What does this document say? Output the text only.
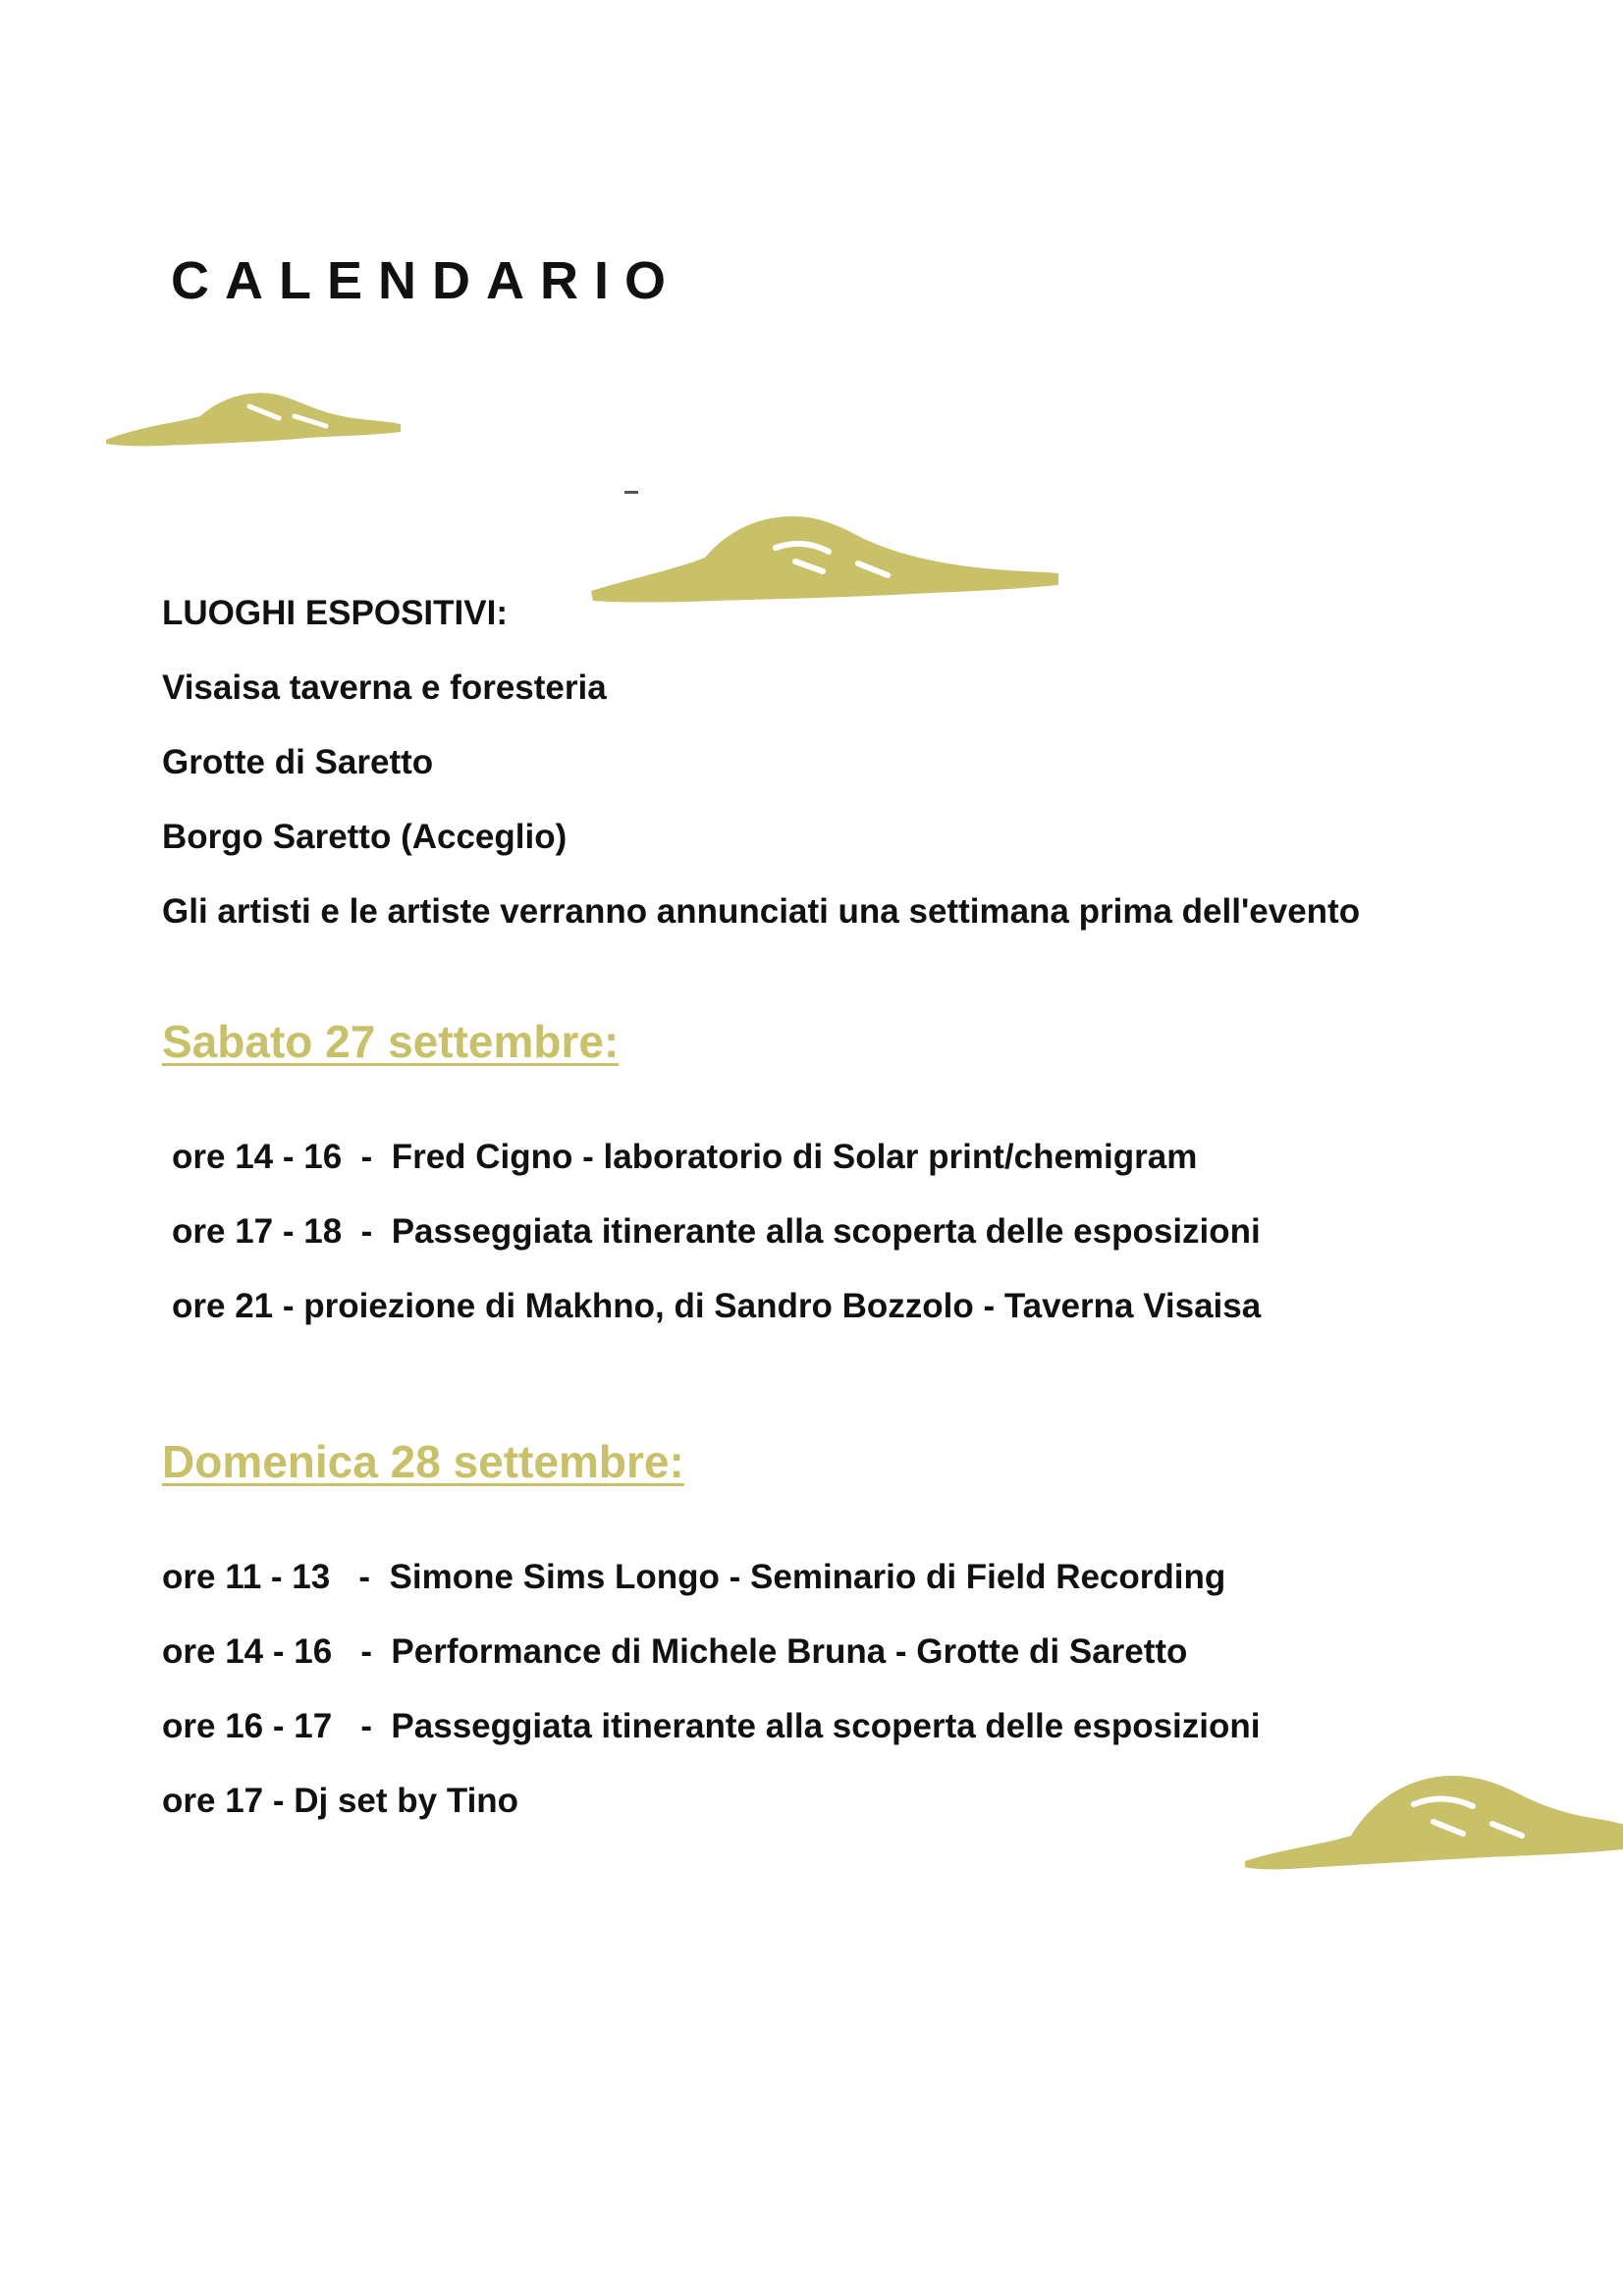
CALENDARIO

LUOGHI ESPOSITIVI:

Visaisa taverna e foresteria

Grotte di Saretto

Borgo Saretto (Acceglio)

Gli artisti e le artiste verranno annunciati una settimana prima dell'evento

Sabato 27 settembre:

ore 14 - 16  -  Fred Cigno - laboratorio di Solar print/chemigram

ore 17 - 18  -  Passeggiata itinerante alla scoperta delle esposizioni

ore 21 - proiezione di Makhno, di Sandro Bozzolo - Taverna Visaisa

Domenica 28 settembre:

ore 11 - 13   -  Simone Sims Longo - Seminario di Field Recording

ore 14 - 16   -  Performance di Michele Bruna - Grotte di Saretto

ore 16 - 17   -  Passeggiata itinerante alla scoperta delle esposizioni

ore 17 - Dj set by Tino
